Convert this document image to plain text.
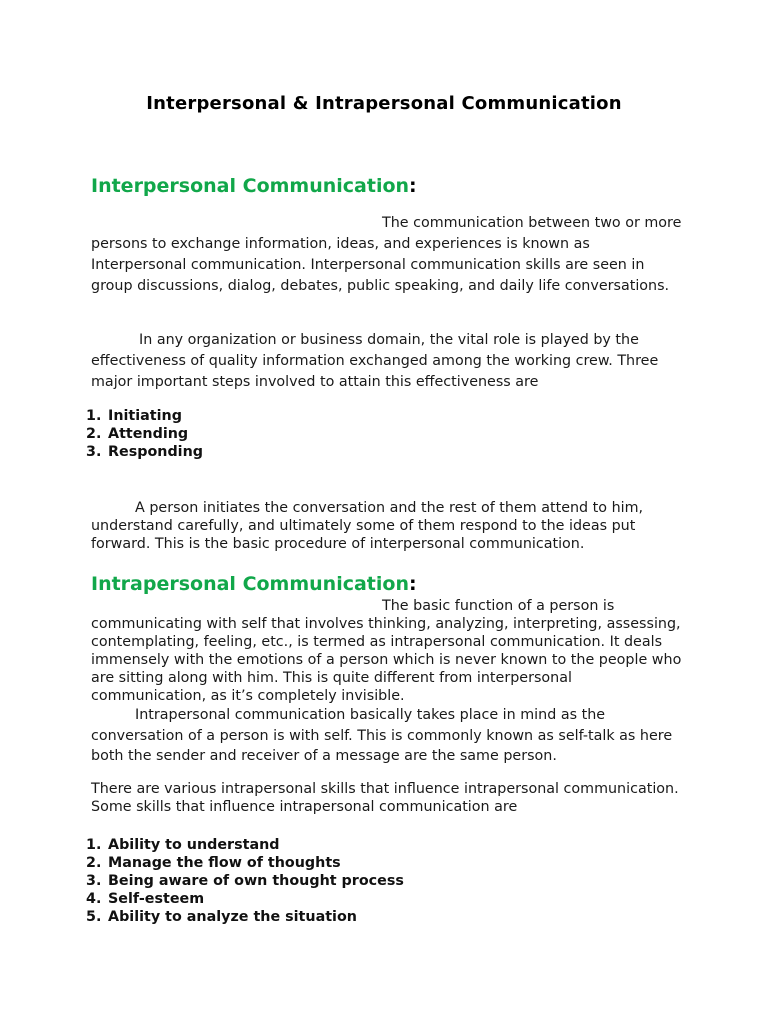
Interpersonal & Intrapersonal Communication
Interpersonal Communication:

The communication between two or more persons to exchange information, ideas, and experiences is known as Interpersonal communication. Interpersonal communication skills are seen in group discussions, dialog, debates, public speaking, and daily life conversations.

In any organization or business domain, the vital role is played by the effectiveness of quality information exchanged among the working crew. Three major important steps involved to attain this effectiveness are

1. Initiating
2. Attending
3. Responding

A person initiates the conversation and the rest of them attend to him, understand carefully, and ultimately some of them respond to the ideas put forward. This is the basic procedure of interpersonal communication.

Intrapersonal Communication:

The basic function of a person is communicating with self that involves thinking, analyzing, interpreting, assessing, contemplating, feeling, etc., is termed as intrapersonal communication. It deals immensely with the emotions of a person which is never known to the people who are sitting along with him. This is quite different from interpersonal communication, as it’s completely invisible.

Intrapersonal communication basically takes place in mind as the conversation of a person is with self. This is commonly known as self-talk as here both the sender and receiver of a message are the same person.

There are various intrapersonal skills that influence intrapersonal communication. Some skills that influence intrapersonal communication are

1. Ability to understand
2. Manage the flow of thoughts
3. Being aware of own thought process
4. Self-esteem
5. Ability to analyze the situation
